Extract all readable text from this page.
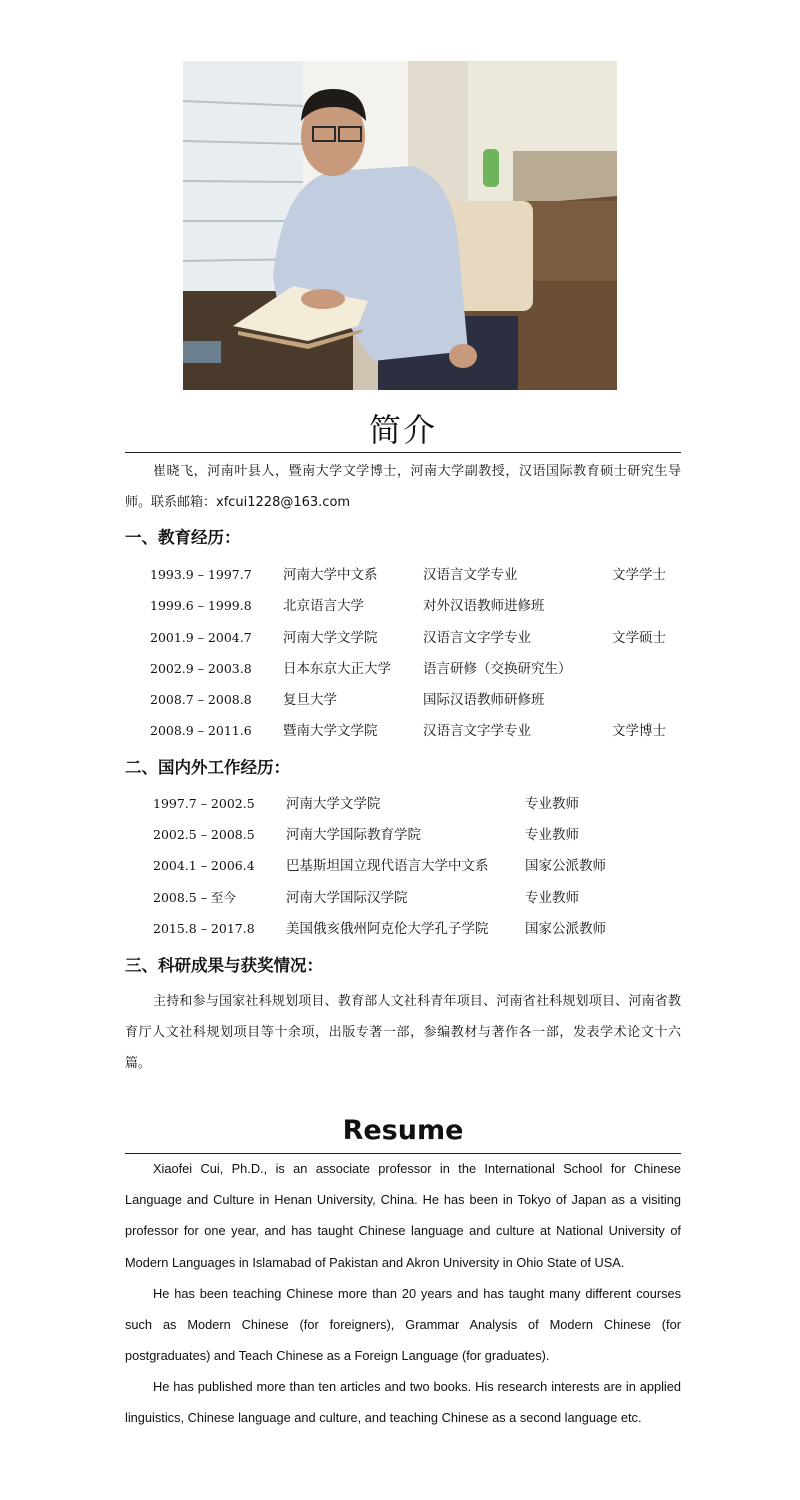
简介

崔晓飞，河南叶县人，暨南大学文学博士，河南大学副教授，汉语国际教育硕士研究生导师。联系邮箱：xfcui1228@163.com

一、教育经历：
1993.9 – 1997.7 河南大学中文系	汉语言文学专业	文学学士
1999.6 – 1999.8 北京语言大学	对外汉语教师进修班
2001.9 – 2004.7 河南大学文学院	汉语言文字学专业	文学硕士
2002.9 – 2003.8 日本东京大正大学 语言研修（交换研究生）
2008.7 – 2008.8 复旦大学	国际汉语教师研修班
2008.9 – 2011.6 暨南大学文学院	汉语言文字学专业	文学博士
二、国内外工作经历：
1997.7 – 2002.5 河南大学文学院	专业教师
2002.5 – 2008.5 河南大学国际教育学院	专业教师
2004.1 – 2006.4 巴基斯坦国立现代语言大学中文系	国家公派教师
2008.5 – 至今	河南大学国际汉学院	专业教师
2015.8 – 2017.8 美国俄亥俄州阿克伦大学孔子学院	国家公派教师
三、科研成果与获奖情况：

主持和参与国家社科规划项目、教育部人文社科青年项目、河南省社科规划项目、河南省教育厅人文社科规划项目等十余项，出版专著一部，参编教材与著作各一部，发表学术论文十六篇。

Resume

Xiaofei Cui, Ph.D., is an associate professor in the International School for Chinese Language and Culture in Henan University, China. He has been in Tokyo of Japan as a visiting professor for one year, and has taught Chinese language and culture at National University of Modern Languages in Islamabad of Pakistan and Akron University in Ohio State of USA.

He has been teaching Chinese more than 20 years and has taught many different courses such as Modern Chinese (for foreigners), Grammar Analysis of Modern Chinese (for postgraduates) and Teach Chinese as a Foreign Language (for graduates).

He has published more than ten articles and two books. His research interests are in applied linguistics, Chinese language and culture, and teaching Chinese as a second language etc.
